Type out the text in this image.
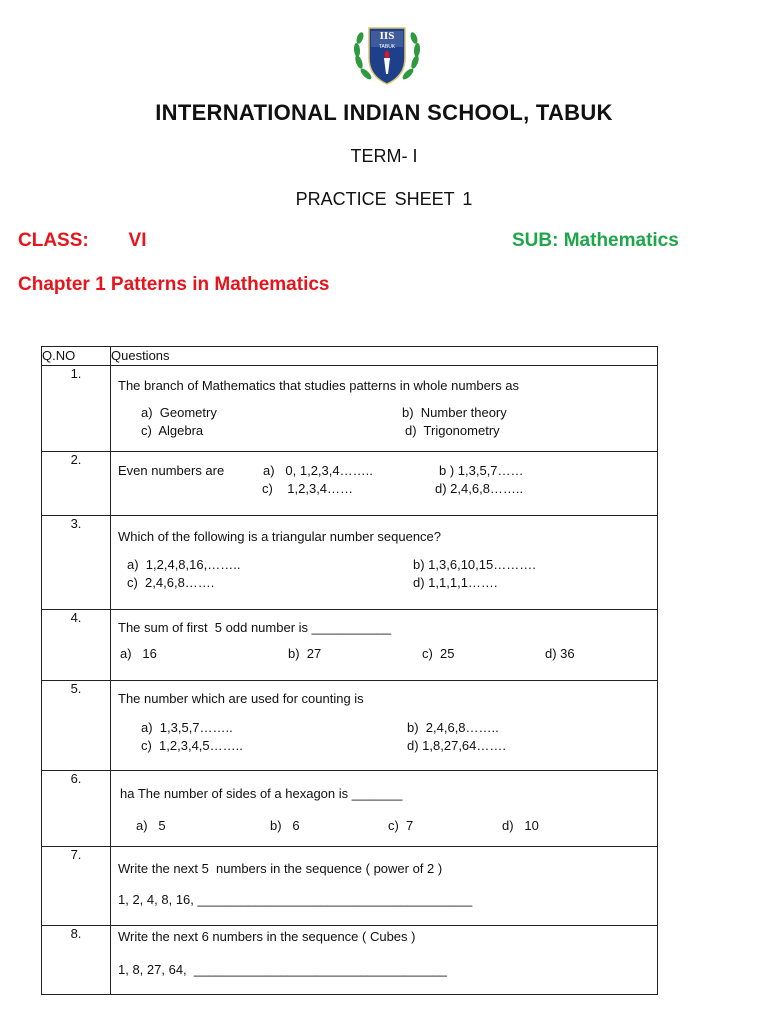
IIS
TABUK
INTERNATIONAL INDIAN SCHOOL, TABUK
TERM- I
PRACTICE SHEET 1
CLASS:   VI	SUB: Mathematics
Chapter 1 Patterns in Mathematics
Q.NO	Questions
1.	The branch of Mathematics that studies patterns in whole numbers as
a)  Geometry b)  Number theory
c)  Algebra d)  Trigonometry

2.	Even numbers are a)   0, 1,2,3,4…….. b ) 1,3,5,7……
c)    1,2,3,4…… d) 2,4,6,8……..

3.	Which of the following is a triangular number sequence?
a)  1,2,4,8,16,…….. b) 1,3,6,10,15……….
c)  2,4,6,8……. d) 1,1,1,1…….

4.	The sum of first  5 odd number is ___________
a)   16 b)  27 c)  25 d) 36

5.	The number which are used for counting is
a)  1,3,5,7…….. b)  2,4,6,8……..
c)  1,2,3,4,5…….. d) 1,8,27,64…….

6.	ha The number of sides of a hexagon is _______
a)   5 b)   6 c)  7 d)   10

7.	Write the next 5  numbers in the sequence ( power of 2 )
1, 2, 4, 8, 16, ______________________________________

8.	Write the next 6 numbers in the sequence ( Cubes )
1, 8, 27, 64,  ___________________________________
